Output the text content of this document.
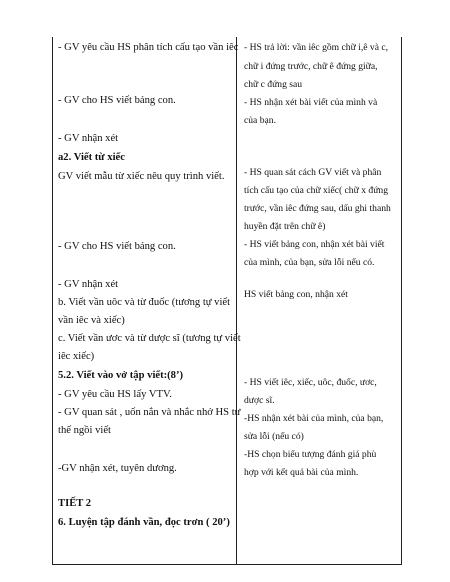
- GV yêu cầu HS phân tích cấu tạo vần iêc
- GV cho HS viết bảng con.
- GV nhận xét
a2. Viết từ xiếc
GV viết mẫu từ xiếc nêu quy trình viết.
- GV cho HS viết bảng con.
- GV nhận xét
b. Viết vần uôc và từ đuốc (tương tự viết
vần iêc và xiếc)
c. Viết vần ươc và từ dược sĩ (tương tự viết
iêc xiếc)
5.2. Viết vào vở tập viết:(8’)
- GV yêu cầu HS lấy VTV.
- GV quan sát , uốn nắn và nhắc nhở HS tư
thế ngồi viết
-GV nhận xét, tuyên dương.
TIẾT 2
6. Luyện tập đánh vần, đọc trơn ( 20’)
- HS trả lời: vần iêc gồm chữ i,ê và c,
chữ i đứng trước, chữ ê đứng giữa,
chữ c đứng sau
- HS nhận xét bài viết của mình và
của bạn.
- HS quan sát cách GV viết và phân
tích cấu tạo của chữ xiếc( chữ x đứng
trước, vần iêc đứng sau, dấu ghi thanh
huyền đặt trên chữ ê)
- HS viết bảng con, nhận xét bài viết
của mình, của bạn, sửa lỗi nếu có.
HS viết bảng con, nhận xét
- HS viết iêc, xiếc, uôc, đuốc, ươc,
dược sĩ.
-HS nhận xét bài của mình, của bạn,
sửa lỗi (nếu có)
-HS chọn biểu tượng đánh giá phù
hợp với kết quả bài của mình.
